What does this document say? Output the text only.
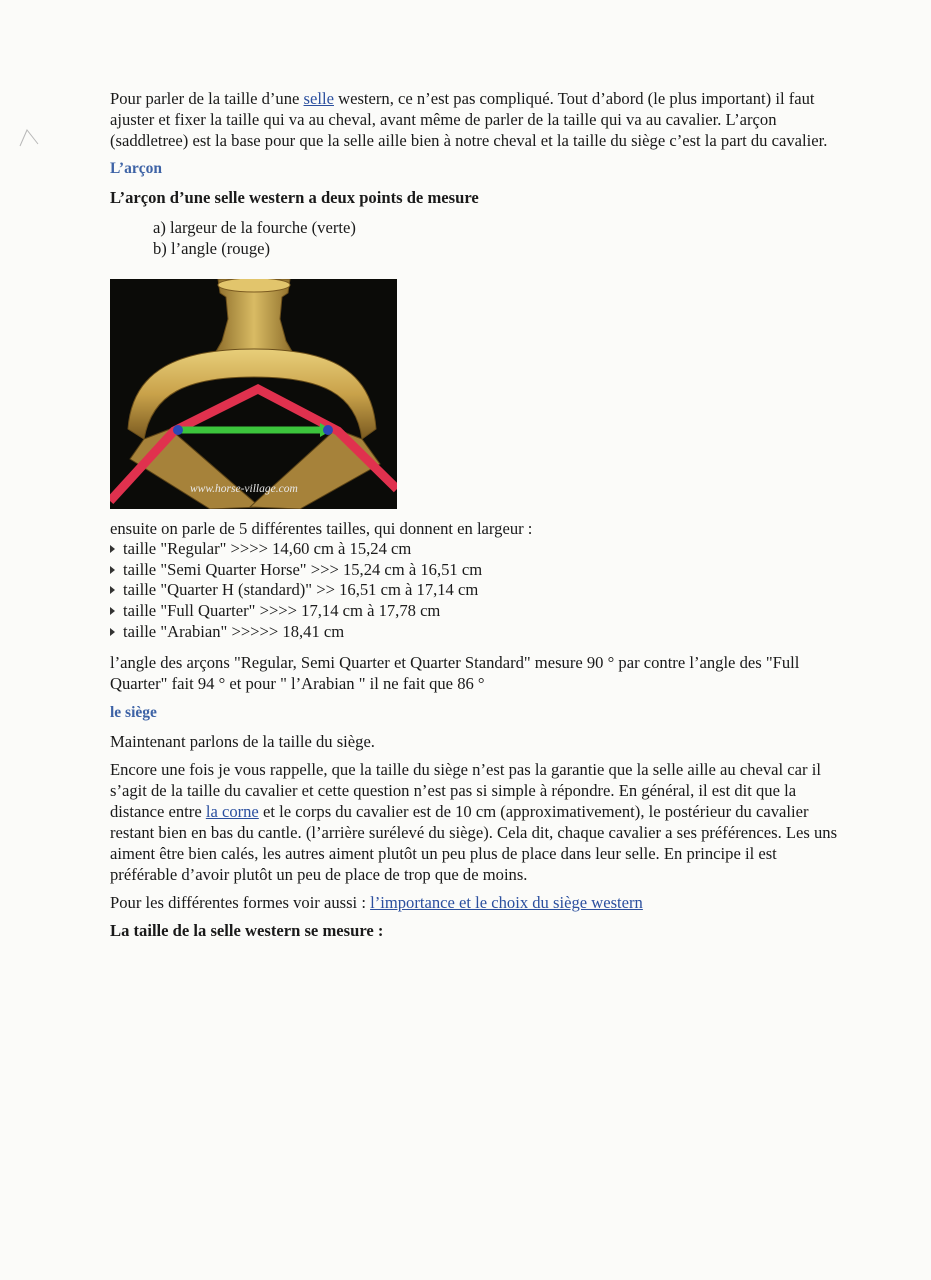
Pour parler de la taille d’une selle western, ce n’est pas compliqué. Tout d’abord (le plus important) il faut ajuster et fixer la taille qui va au cheval, avant même de parler de la taille qui va au cavalier. L’arçon (saddletree) est la base pour que la selle aille bien à notre cheval et la taille du siège c’est la part du cavalier.

L’arçon
L’arçon d’une selle western a deux points de mesure
a) largeur de la fourche (verte)
b) l’angle (rouge)
www.horse-village.com

ensuite on parle de 5 différentes tailles, qui donnent en largeur :

taille "Regular" >>>> 14,60 cm à 15,24 cm
taille "Semi Quarter Horse" >>> 15,24 cm à 16,51 cm
taille "Quarter H (standard)" >> 16,51 cm à 17,14 cm
taille "Full Quarter" >>>> 17,14 cm à 17,78 cm
taille "Arabian" >>>>> 18,41 cm

l’angle des arçons "Regular, Semi Quarter et Quarter Standard" mesure 90 ° par contre l’angle des "Full Quarter" fait 94 ° et pour " l’Arabian " il ne fait que 86 °

le siège

Maintenant parlons de la taille du siège.

Encore une fois je vous rappelle, que la taille du siège n’est pas la garantie que la selle aille au cheval car il s’agit de la taille du cavalier et cette question n’est pas si simple à répondre. En général, il est dit que la distance entre la corne et le corps du cavalier est de 10 cm (approximativement), le postérieur du cavalier restant bien en bas du cantle. (l’arrière surélevé du siège). Cela dit, chaque cavalier a ses préférences. Les uns aiment être bien calés, les autres aiment plutôt un peu plus de place dans leur selle. En principe il est préférable d’avoir plutôt un peu de place de trop que de moins.

Pour les différentes formes voir aussi : l’importance et le choix du siège western

La taille de la selle western se mesure :
